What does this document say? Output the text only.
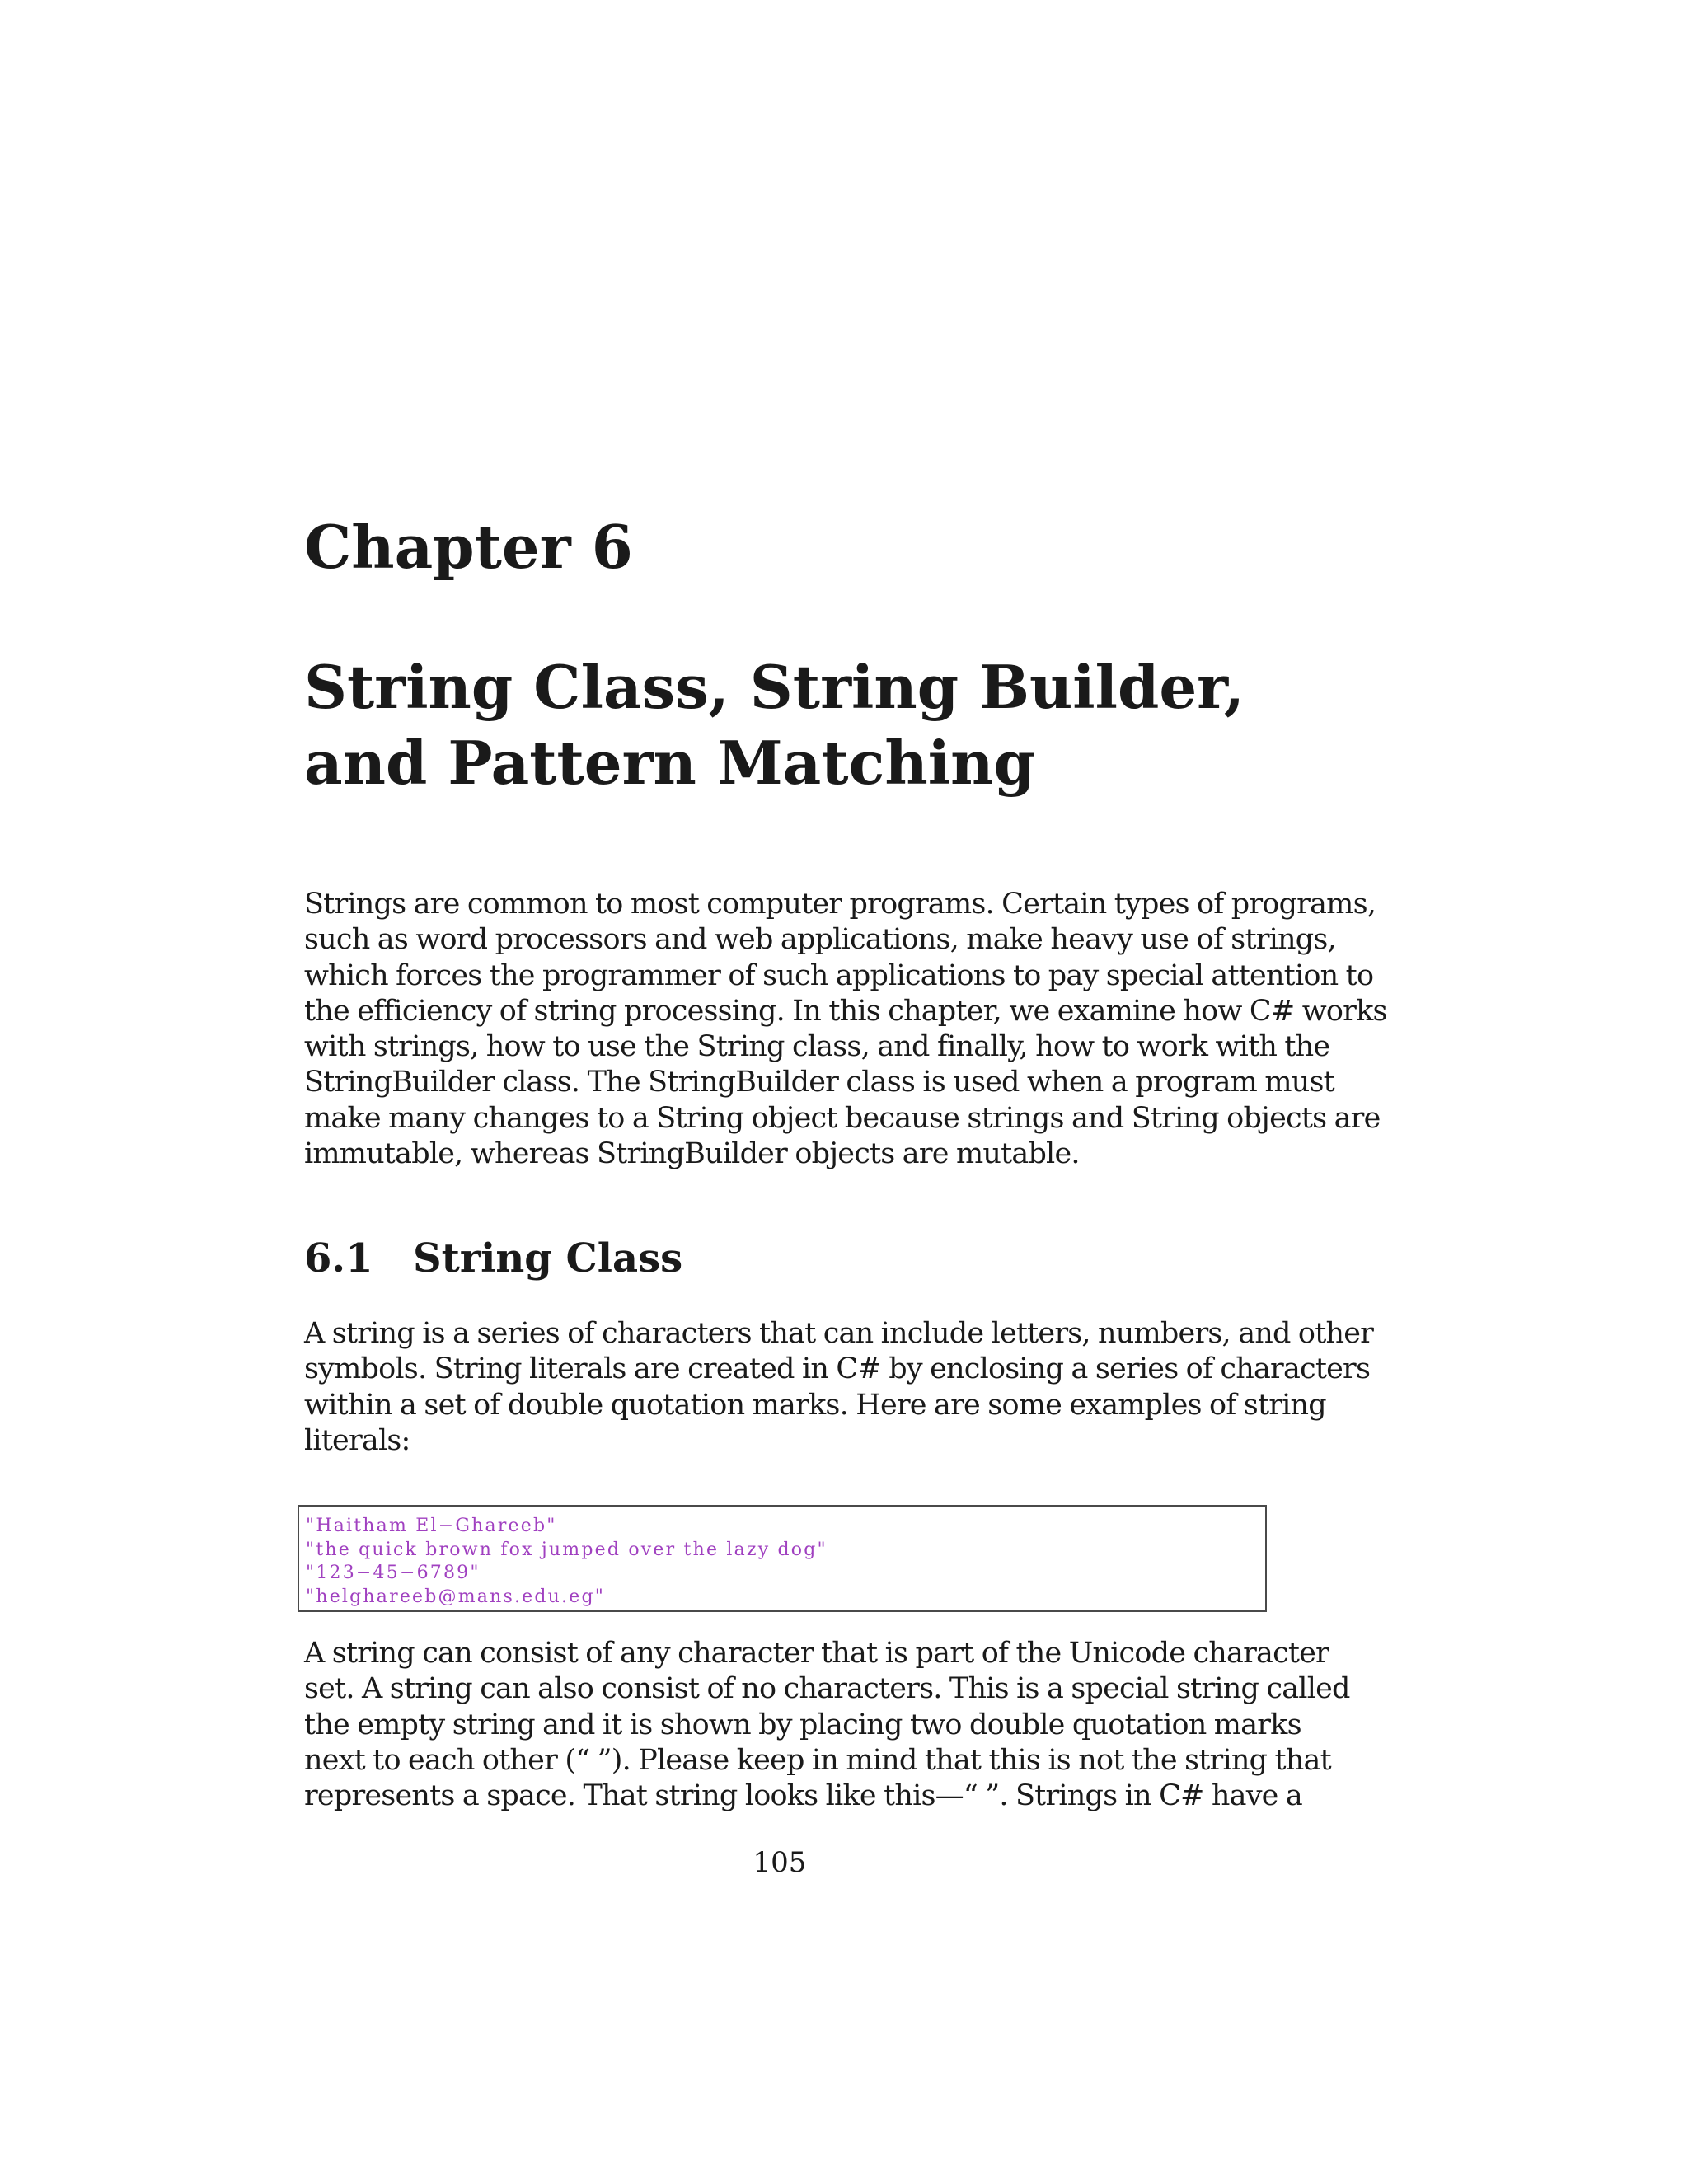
Chapter 6
String Class, String Builder,
and Pattern Matching

Strings are common to most computer programs. Certain types of programs,
such as word processors and web applications, make heavy use of strings,
which forces the programmer of such applications to pay special attention to
the efficiency of string processing. In this chapter, we examine how C# works
with strings, how to use the String class, and finally, how to work with the
StringBuilder class. The StringBuilder class is used when a program must
make many changes to a String object because strings and String objects are
immutable, whereas StringBuilder objects are mutable.

6.1 String Class

A string is a series of characters that can include letters, numbers, and other
symbols. String literals are created in C# by enclosing a series of characters
within a set of double quotation marks. Here are some examples of string
literals:

"Haitham El−Ghareeb"
"the quick brown fox jumped over the lazy dog"
"123−45−6789"
"helghareeb@mans.edu.eg"

A string can consist of any character that is part of the Unicode character
set. A string can also consist of no characters. This is a special string called
the empty string and it is shown by placing two double quotation marks
next to each other (“ ”). Please keep in mind that this is not the string that
represents a space. That string looks like this—“ ”. Strings in C# have a

105
